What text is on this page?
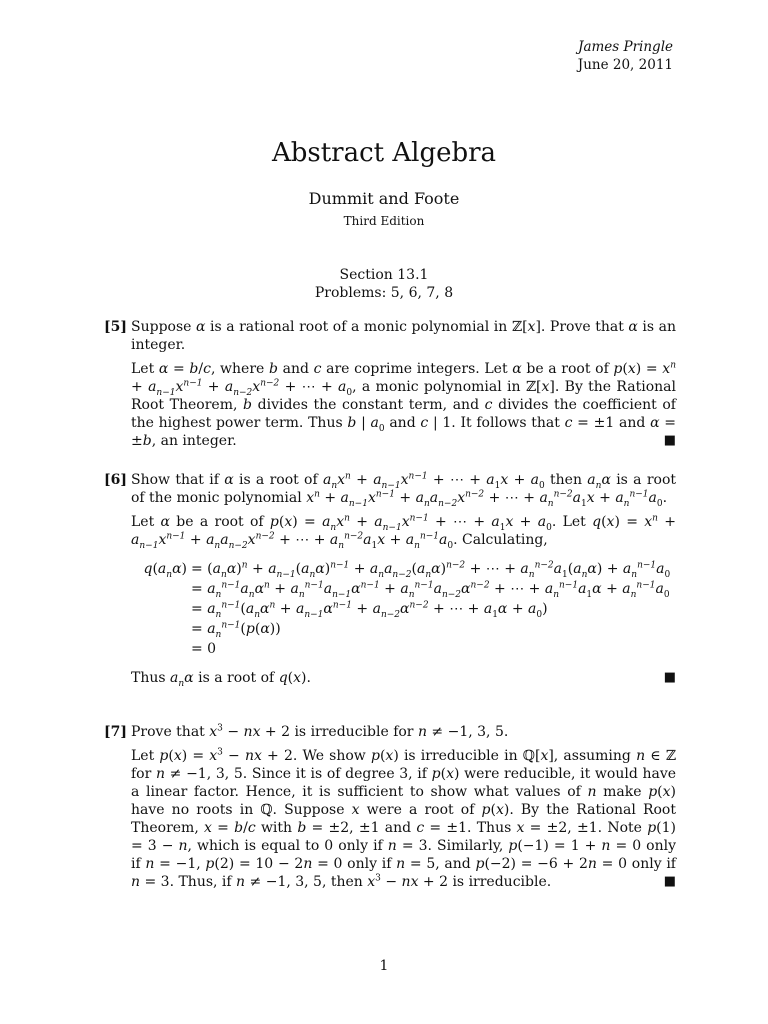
James Pringle
June 20, 2011
Abstract Algebra
Dummit and Foote
Third Edition
Section 13.1
Problems: 5, 6, 7, 8
[5] Suppose α is a rational root of a monic polynomial in ℤ[x]. Prove that α is an integer.
Let α = b/c, where b and c are coprime integers. Let α be a root of $p(x) = x^n + a_{n-1}x^{n-1} + a_{n-2}x^{n-2}$ + ⋯ + $a_0$, a monic polynomial in ℤ[x]. By the Rational Root Theorem, b divides the constant term, and c divides the coefficient of the highest power term. Thus b | $a_0$ and c | 1. It follows that c = ±1 and α = ±b, an integer.	■
[6] Show that if α is a root of $a_nx^n + a_{n-1}x^{n-1}$ + ⋯ + $a_1x + a_0$ then $a_n\alpha$ is a root of the monic polynomial $x^n + a_{n-1}x^{n-1} + a_na_{n-2}x^{n-2}$ + ⋯ + $a_n^{n-2}a_1x + a_n^{n-1}a_0$.
Let α be a root of $p(x) = a_nx^n + a_{n-1}x^{n-1}$ + ⋯ + $a_1x + a_0$. Let $q(x) = x^n + a_{n-1}x^{n-1} + a_na_{n-2}x^{n-2}$ + ⋯ + $a_n^{n-2}a_1x + a_n^{n-1}a_0$. Calculating,
$q(a_n\alpha) = (a_n\alpha)^n + a_{n-1}(a_n\alpha)^{n-1} + a_na_{n-2}(a_n\alpha)^{n-2}$ + ⋯ + $a_n^{n-2}a_1(a_n\alpha) + a_n^{n-1}a_0$
= $a_n^{n-1}a_n\alpha^n + a_n^{n-1}a_{n-1}\alpha^{n-1} + a_n^{n-1}a_{n-2}\alpha^{n-2}$ + ⋯ + $a_n^{n-1}a_1\alpha + a_n^{n-1}a_0$
= $a_n^{n-1}(a_n\alpha^n + a_{n-1}\alpha^{n-1} + a_{n-2}\alpha^{n-2}$ + ⋯ + $a_1\alpha + a_0$)
= $a_n^{n-1}(p(\alpha))$
= 0
Thus $a_n\alpha$ is a root of q(x).	■
[7] Prove that $x^3$ − nx + 2 is irreducible for n ≠ −1, 3, 5.
Let $p(x) = x^3$ − nx + 2. We show p(x) is irreducible in ℚ[x], assuming n ∈ ℤ for n ≠ −1, 3, 5. Since it is of degree 3, if p(x) were reducible, it would have a linear factor. Hence, it is sufficient to show what values of n make p(x) have no roots in ℚ. Suppose x were a root of p(x). By the Rational Root Theorem, x = b/c with b = ±2, ±1 and c = ±1. Thus x = ±2, ±1. Note p(1) = 3 − n, which is equal to 0 only if n = 3. Similarly, p(−1) = 1 + n = 0 only if n = −1, p(2) = 10 − 2n = 0 only if n = 5, and p(−2) = −6 + 2n = 0 only if n = 3. Thus, if n ≠ −1, 3, 5, then $x^3$ − nx + 2 is irreducible.	■
1
